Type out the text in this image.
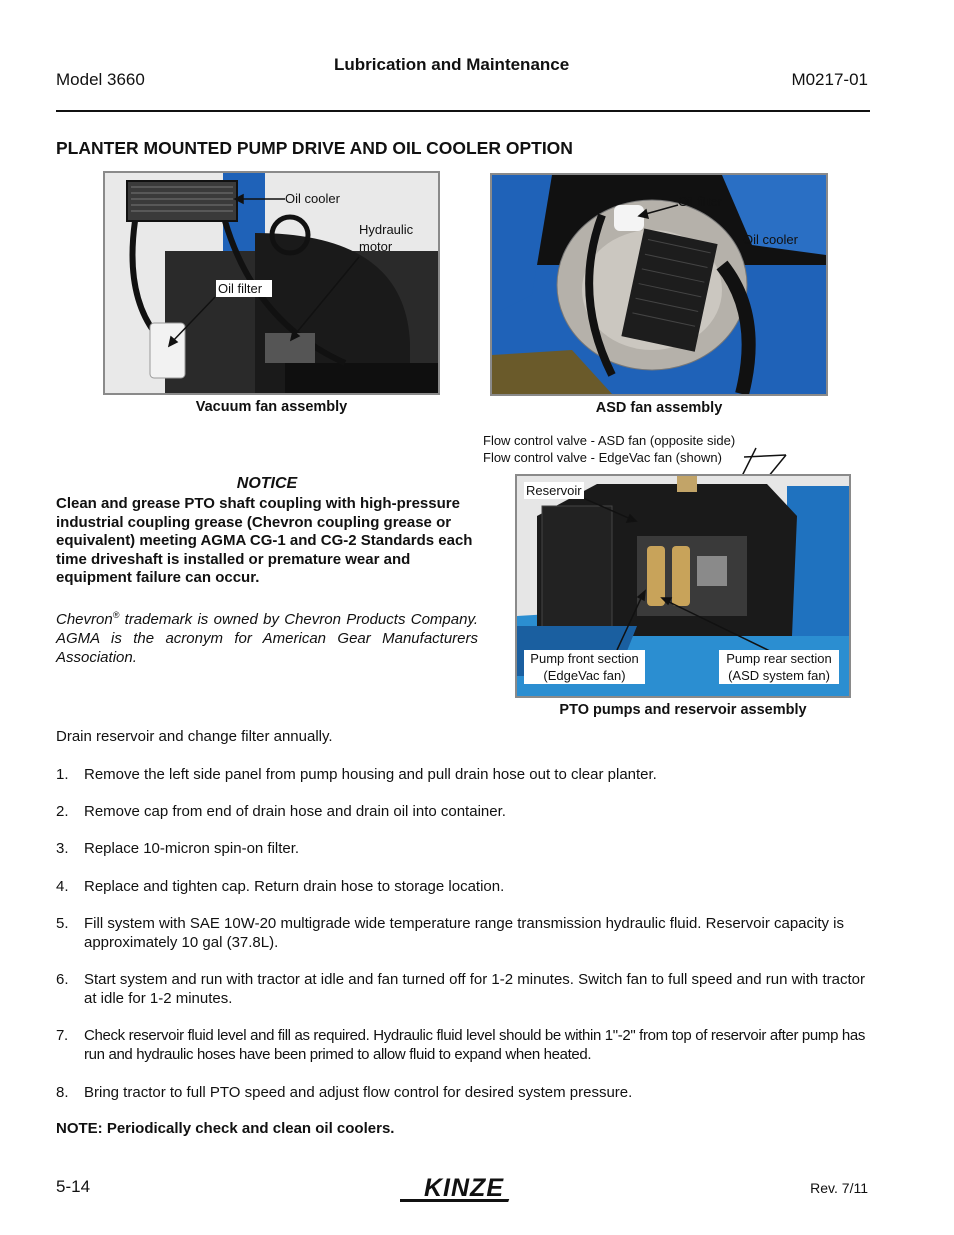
Model 3660
Lubrication and Maintenance
M0217-01
PLANTER MOUNTED PUMP DRIVE AND OIL COOLER OPTION
Oil cooler
Hydraulic
motor
Oil filter
Vacuum fan assembly
Oil filter
Oil cooler
ASD fan assembly
Flow control valve - ASD fan (opposite side)
Flow control valve - EdgeVac fan (shown)
Reservoir
Pump front section
(EdgeVac fan)
Pump rear section
(ASD system fan)
PTO pumps and reservoir assembly
NOTICE
Clean and grease PTO shaft coupling with high-pressure industrial coupling grease (Chevron coupling grease or equivalent) meeting AGMA CG-1 and CG-2 Standards each time driveshaft is installed or premature wear and equipment failure can occur.

Chevron® trademark is owned by Chevron Products Company. AGMA is the acronym for American Gear Manufacturers Association.

Drain reservoir and change filter annually.
1. Remove the left side panel from pump housing and pull drain hose out to clear planter.
2. Remove cap from end of drain hose and drain oil into container.
3. Replace 10-micron spin-on filter.
4. Replace and tighten cap. Return drain hose to storage location.
5. Fill system with SAE 10W-20 multigrade wide temperature range transmission hydraulic fluid. Reservoir capacity is approximately 10 gal (37.8L).
6. Start system and run with tractor at idle and fan turned off for 1-2 minutes. Switch fan to full speed and run with tractor at idle for 1-2 minutes.
7. Check reservoir fluid level and fill as required. Hydraulic fluid level should be within 1"-2" from top of reservoir after pump has run and hydraulic hoses have been primed to allow fluid to expand when heated.
8. Bring tractor to full PTO speed and adjust flow control for desired system pressure.
NOTE: Periodically check and clean oil coolers.
5-14	KINZE	Rev. 7/11
